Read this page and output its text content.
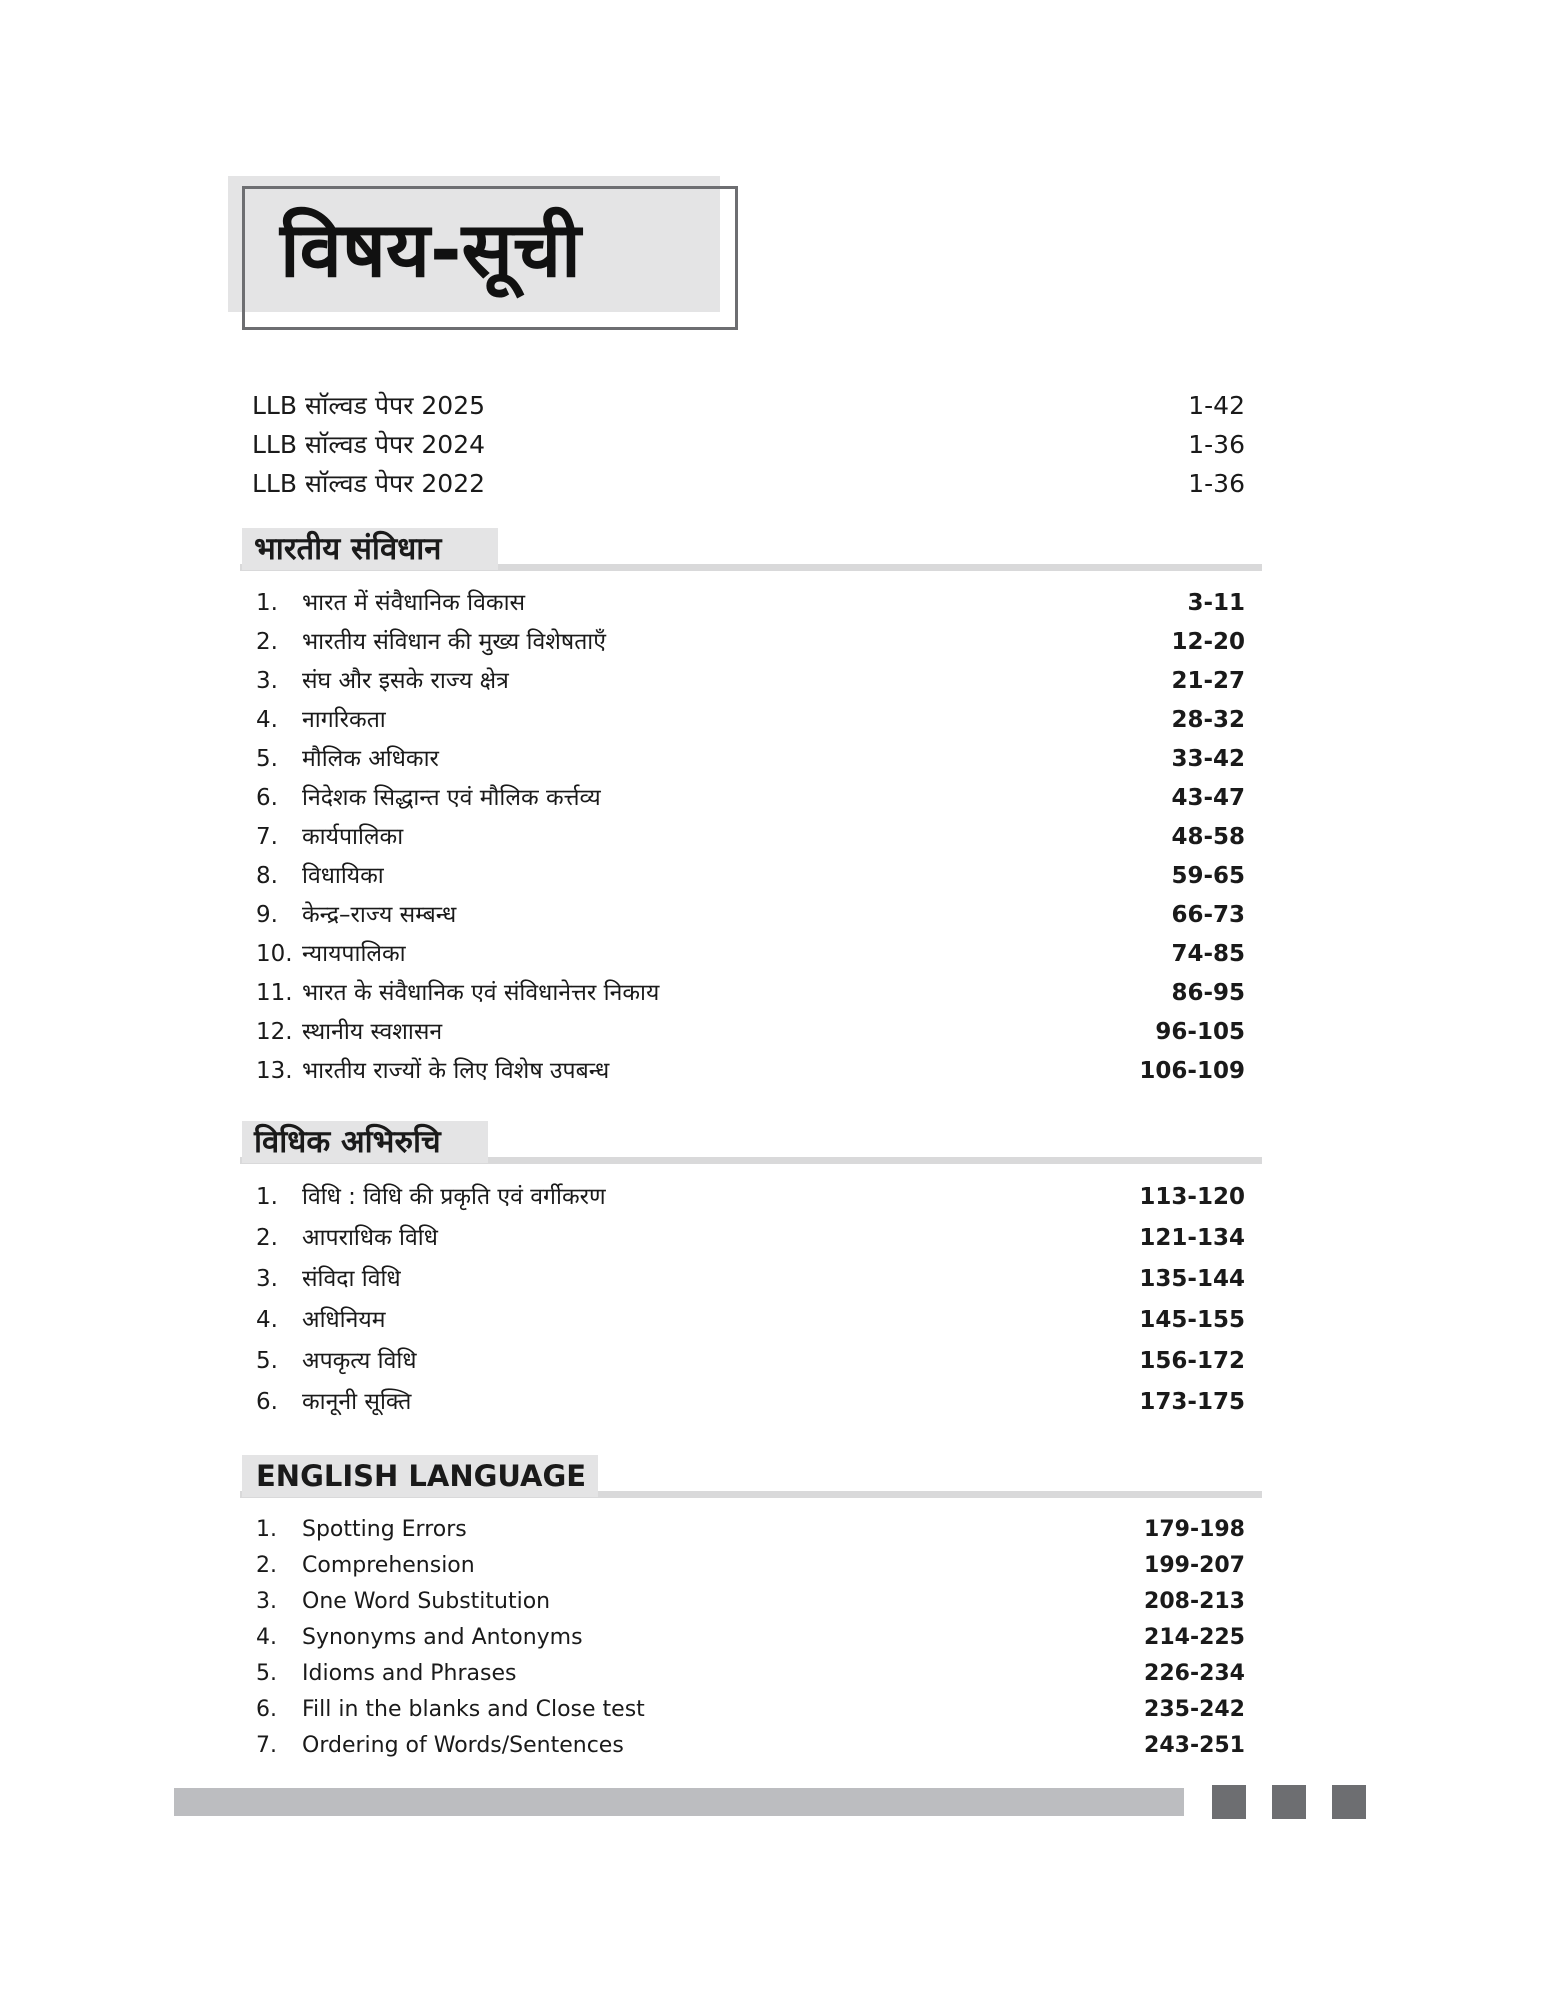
विषय-सूची
LLB सॉल्वड पेपर 2025	1-42
LLB सॉल्वड पेपर 2024	1-36
LLB सॉल्वड पेपर 2022	1-36
भारतीय संविधान
1. भारत में संवैधानिक विकास	3-11
2. भारतीय संविधान की मुख्य विशेषताएँ	12-20
3. संघ और इसके राज्य क्षेत्र	21-27
4. नागरिकता	28-32
5. मौलिक अधिकार	33-42
6. निदेशक सिद्धान्त एवं मौलिक कर्त्तव्य	43-47
7. कार्यपालिका	48-58
8. विधायिका	59-65
9. केन्द्र–राज्य सम्बन्ध	66-73
10. न्यायपालिका	74-85
11. भारत के संवैधानिक एवं संविधानेत्तर निकाय	86-95
12. स्थानीय स्वशासन	96-105
13. भारतीय राज्यों के लिए विशेष उपबन्ध	106-109
विधिक अभिरुचि
1. विधि : विधि की प्रकृति एवं वर्गीकरण	113-120
2. आपराधिक विधि	121-134
3. संविदा विधि	135-144
4. अधिनियम	145-155
5. अपकृत्य विधि	156-172
6. कानूनी सूक्ति	173-175
ENGLISH LANGUAGE
1. Spotting Errors	179-198
2. Comprehension	199-207
3. One Word Substitution	208-213
4. Synonyms and Antonyms	214-225
5. Idioms and Phrases	226-234
6. Fill in the blanks and Close test	235-242
7. Ordering of Words/Sentences	243-251
